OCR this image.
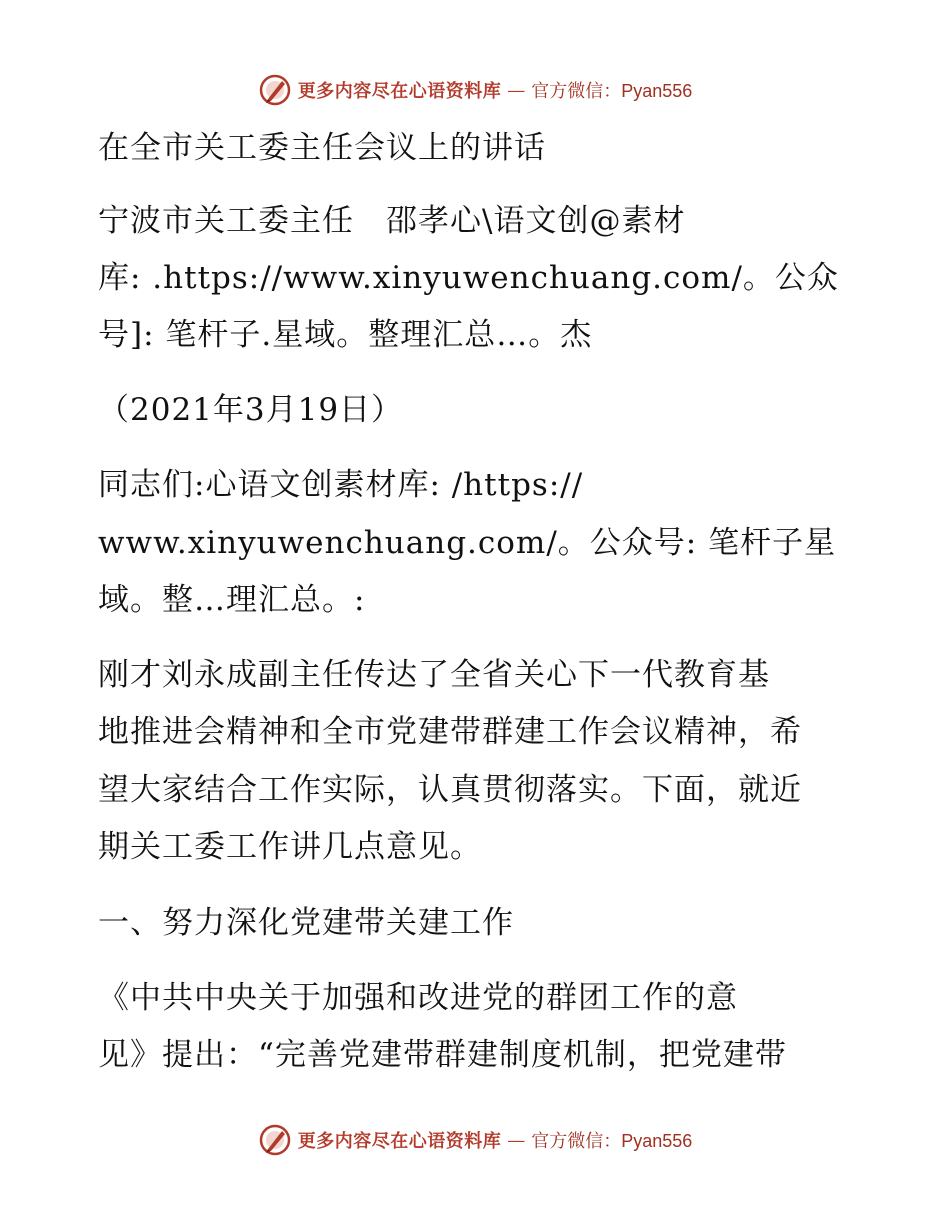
更多内容尽在心语资料库 — 官方微信：Pyan556
在全市关工委主任会议上的讲话
宁波市关工委主任　邵孝心\语文创@素材
库: .https://www.xinyuwenchuang.com/。公众
号]: 笔杆子.星域。整理汇总…。杰
（2021年3月19日）
同志们:心语文创素材库: /https://
www.xinyuwenchuang.com/。公众号: 笔杆子星
域。整…理汇总。:
刚才刘永成副主任传达了全省关心下一代教育基
地推进会精神和全市党建带群建工作会议精神，希
望大家结合工作实际，认真贯彻落实。下面，就近
期关工委工作讲几点意见。
一、努力深化党建带关建工作
《中共中央关于加强和改进党的群团工作的意
见》提出：“完善党建带群建制度机制，把党建带
更多内容尽在心语资料库 — 官方微信：Pyan556
